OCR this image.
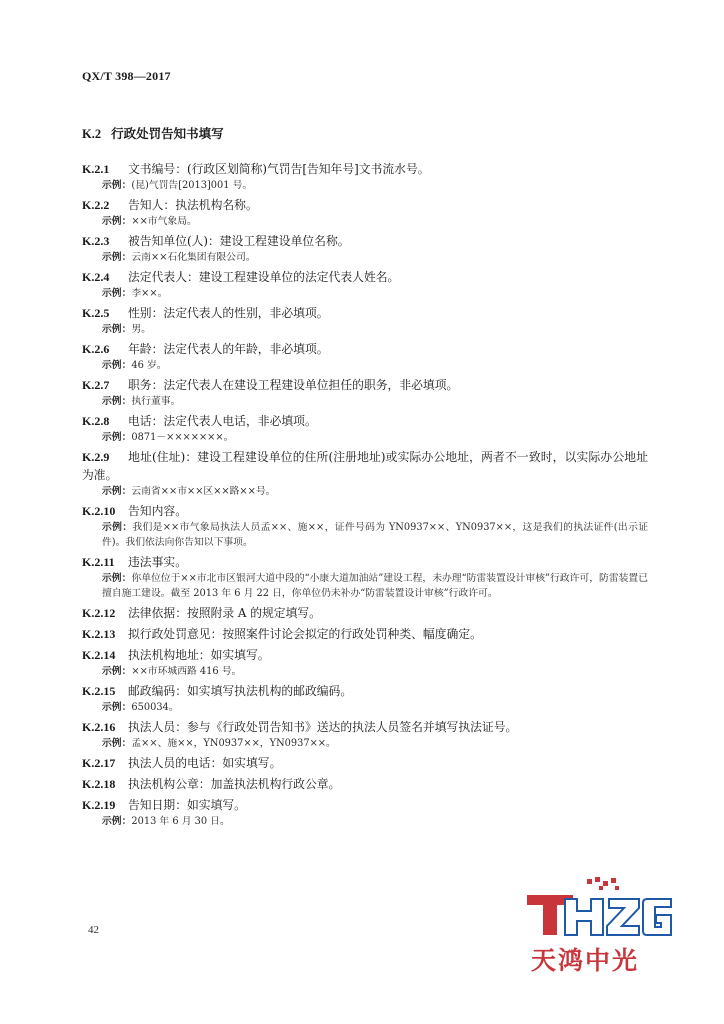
QX/T 398—2017
K.2 行政处罚告知书填写
K.2.1 文书编号：(行政区划简称)气罚告[告知年号]文书流水号。
示例：(昆)气罚告[2013]001 号。
K.2.2 告知人：执法机构名称。
示例：××市气象局。
K.2.3 被告知单位(人)：建设工程建设单位名称。
示例：云南××石化集团有限公司。
K.2.4 法定代表人：建设工程建设单位的法定代表人姓名。
示例：李××。
K.2.5 性别：法定代表人的性别，非必填项。
示例：男。
K.2.6 年龄：法定代表人的年龄，非必填项。
示例：46 岁。
K.2.7 职务：法定代表人在建设工程建设单位担任的职务，非必填项。
示例：执行董事。
K.2.8 电话：法定代表人电话，非必填项。
示例：0871－×××××××。
K.2.9 地址(住址)：建设工程建设单位的住所(注册地址)或实际办公地址，两者不一致时，以实际办公地址为准。
示例：云南省××市××区××路××号。
K.2.10 告知内容。
示例：我们是××市气象局执法人员孟××、施××，证件号码为 YN0937××、YN0937××，这是我们的执法证件(出示证件)。我们依法向你告知以下事项。
K.2.11 违法事实。
示例：你单位位于××市北市区银河大道中段的“小康大道加油站”建设工程，未办理“防雷装置设计审核”行政许可，防雷装置已擅自施工建设。截至 2013 年 6 月 22 日，你单位仍未补办“防雷装置设计审核”行政许可。
K.2.12 法律依据：按照附录 A 的规定填写。
K.2.13 拟行政处罚意见：按照案件讨论会拟定的行政处罚种类、幅度确定。
K.2.14 执法机构地址：如实填写。
示例：××市环城西路 416 号。
K.2.15 邮政编码：如实填写执法机构的邮政编码。
示例：650034。
K.2.16 执法人员：参与《行政处罚告知书》送达的执法人员签名并填写执法证号。
示例：孟××、施××，YN0937××，YN0937××。
K.2.17 执法人员的电话：如实填写。
K.2.18 执法机构公章：加盖执法机构行政公章。
K.2.19 告知日期：如实填写。
示例：2013 年 6 月 30 日。
42
天鸿中光
